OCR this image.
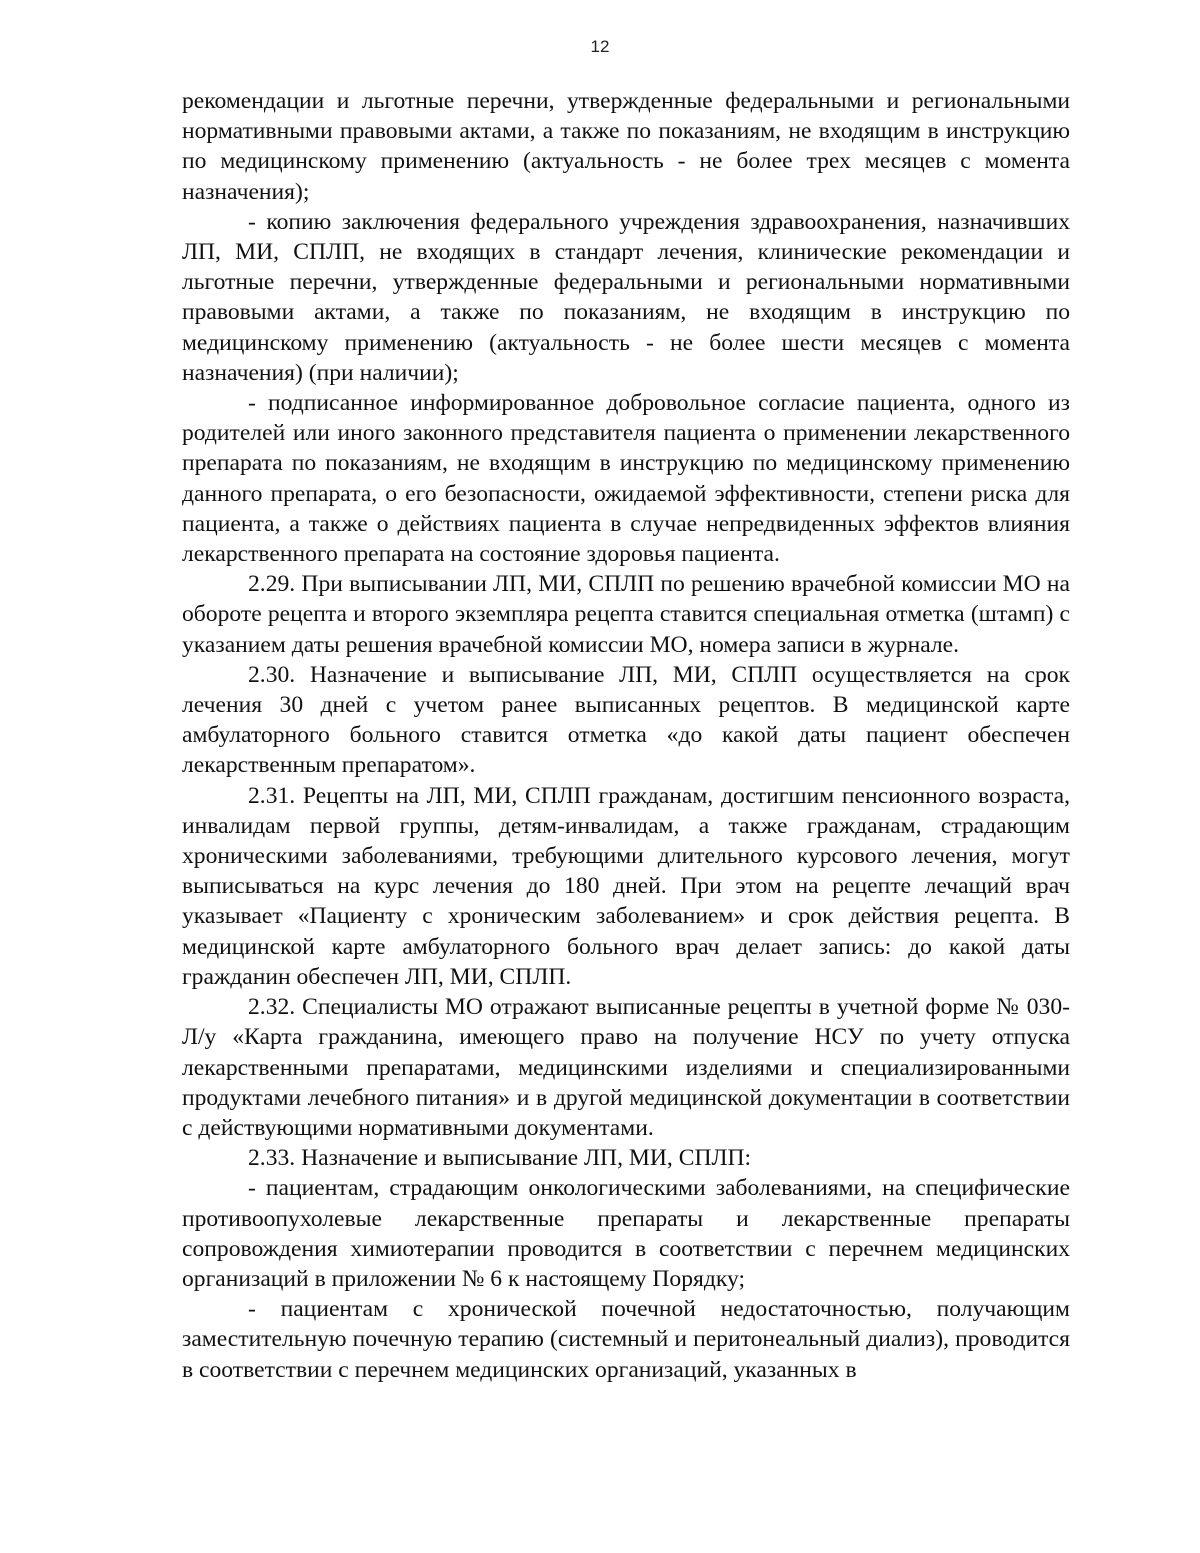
12

рекомендации и льготные перечни, утвержденные федеральными и региональными нормативными правовыми актами, а также по показаниям, не входящим в инструкцию по медицинскому применению (актуальность - не более трех месяцев с момента назначения);

- копию заключения федерального учреждения здравоохранения, назначивших ЛП, МИ, СПЛП, не входящих в стандарт лечения, клинические рекомендации и льготные перечни, утвержденные федеральными и региональными нормативными правовыми актами, а также по показаниям, не входящим в инструкцию по медицинскому применению (актуальность - не более шести месяцев с момента назначения) (при наличии);

- подписанное информированное добровольное согласие пациента, одного из родителей или иного законного представителя пациента о применении лекарственного препарата по показаниям, не входящим в инструкцию по медицинскому применению данного препарата, о его безопасности, ожидаемой эффективности, степени риска для пациента, а также о действиях пациента в случае непредвиденных эффектов влияния лекарственного препарата на состояние здоровья пациента.

2.29. При выписывании ЛП, МИ, СПЛП по решению врачебной комиссии МО на обороте рецепта и второго экземпляра рецепта ставится специальная отметка (штамп) с указанием даты решения врачебной комиссии МО, номера записи в журнале.

2.30. Назначение и выписывание ЛП, МИ, СПЛП осуществляется на срок лечения 30 дней с учетом ранее выписанных рецептов. В медицинской карте амбулаторного больного ставится отметка «до какой даты пациент обеспечен лекарственным препаратом».

2.31. Рецепты на ЛП, МИ, СПЛП гражданам, достигшим пенсионного возраста, инвалидам первой группы, детям-инвалидам, а также гражданам, страдающим хроническими заболеваниями, требующими длительного курсового лечения, могут выписываться на курс лечения до 180 дней. При этом на рецепте лечащий врач указывает «Пациенту с хроническим заболеванием» и срок действия рецепта. В медицинской карте амбулаторного больного врач делает запись: до какой даты гражданин обеспечен ЛП, МИ, СПЛП.

2.32. Специалисты МО отражают выписанные рецепты в учетной форме № 030-Л/у «Карта гражданина, имеющего право на получение НСУ по учету отпуска лекарственными препаратами, медицинскими изделиями и специализированными продуктами лечебного питания» и в другой медицинской документации в соответствии с действующими нормативными документами.

2.33. Назначение и выписывание ЛП, МИ, СПЛП:

- пациентам, страдающим онкологическими заболеваниями, на специфические противоопухолевые лекарственные препараты и лекарственные препараты сопровождения химиотерапии проводится в соответствии с перечнем медицинских организаций в приложении № 6 к настоящему Порядку;

- пациентам с хронической почечной недостаточностью, получающим заместительную почечную терапию (системный и перитонеальный диализ), проводится в соответствии с перечнем медицинских организаций, указанных в
